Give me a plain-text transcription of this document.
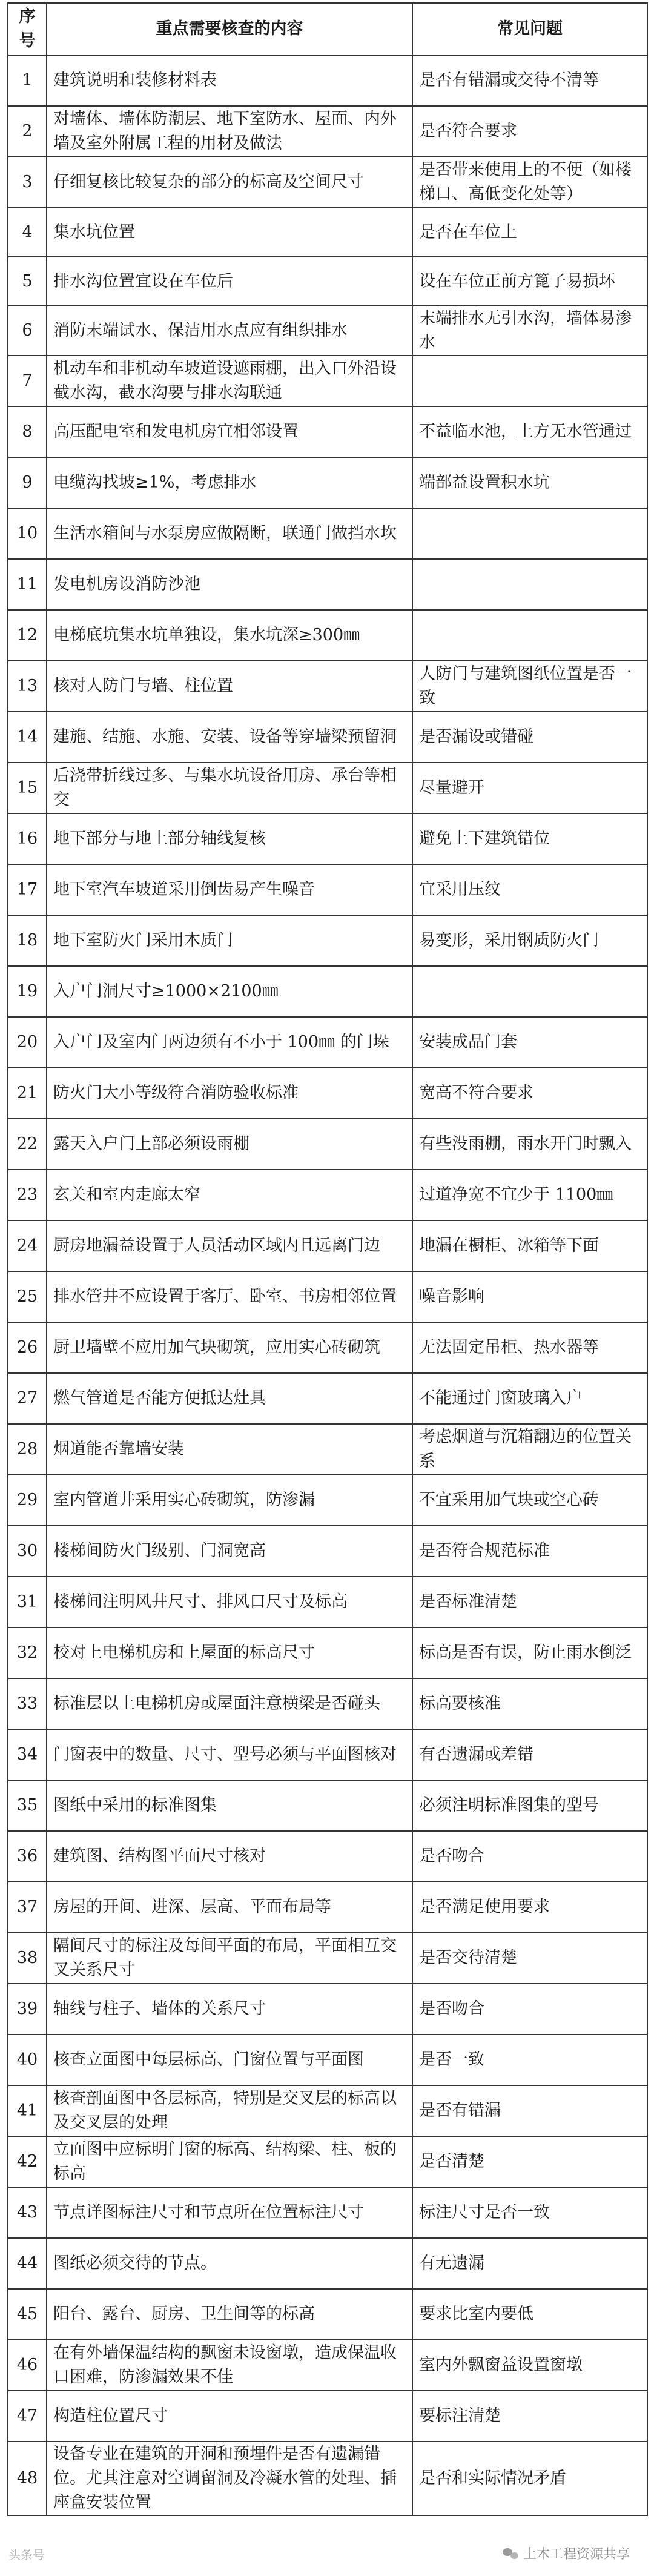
序号	重点需要核查的内容	常见问题
1	建筑说明和装修材料表	是否有错漏或交待不清等
2	对墙体、墙体防潮层、地下室防水、屋面、内外墙及室外附属工程的用材及做法	是否符合要求
3	仔细复核比较复杂的部分的标高及空间尺寸	是否带来使用上的不便（如楼梯口、高低变化处等）
4	集水坑位置	是否在车位上
5	排水沟位置宜设在车位后	设在车位正前方篦子易损坏
6	消防末端试水、保洁用水点应有组织排水	末端排水无引水沟，墙体易渗水
7	机动车和非机动车坡道设遮雨棚，出入口外沿设截水沟，截水沟要与排水沟联通	
8	高压配电室和发电机房宜相邻设置	不益临水池，上方无水管通过
9	电缆沟找坡≥1%，考虑排水	端部益设置积水坑
10	生活水箱间与水泵房应做隔断，联通门做挡水坎	
11	发电机房设消防沙池	
12	电梯底坑集水坑单独设，集水坑深≥300㎜	
13	核对人防门与墙、柱位置	人防门与建筑图纸位置是否一致
14	建施、结施、水施、安装、设备等穿墙梁预留洞	是否漏设或错碰
15	后浇带折线过多、与集水坑设备用房、承台等相交	尽量避开
16	地下部分与地上部分轴线复核	避免上下建筑错位
17	地下室汽车坡道采用倒齿易产生噪音	宜采用压纹
18	地下室防火门采用木质门	易变形，采用钢质防火门
19	入户门洞尺寸≥1000×2100㎜	
20	入户门及室内门两边须有不小于 100㎜ 的门垛	安装成品门套
21	防火门大小等级符合消防验收标准	宽高不符合要求
22	露天入户门上部必须设雨棚	有些没雨棚，雨水开门时飘入
23	玄关和室内走廊太窄	过道净宽不宜少于 1100㎜
24	厨房地漏益设置于人员活动区域内且远离门边	地漏在橱柜、冰箱等下面
25	排水管井不应设置于客厅、卧室、书房相邻位置	噪音影响
26	厨卫墙壁不应用加气块砌筑，应用实心砖砌筑	无法固定吊柜、热水器等
27	燃气管道是否能方便抵达灶具	不能通过门窗玻璃入户
28	烟道能否靠墙安装	考虑烟道与沉箱翻边的位置关系
29	室内管道井采用实心砖砌筑，防渗漏	不宜采用加气块或空心砖
30	楼梯间防火门级别、门洞宽高	是否符合规范标准
31	楼梯间注明风井尺寸、排风口尺寸及标高	是否标准清楚
32	校对上电梯机房和上屋面的标高尺寸	标高是否有误，防止雨水倒泛
33	标准层以上电梯机房或屋面注意横梁是否碰头	标高要核准
34	门窗表中的数量、尺寸、型号必须与平面图核对	有否遗漏或差错
35	图纸中采用的标准图集	必须注明标准图集的型号
36	建筑图、结构图平面尺寸核对	是否吻合
37	房屋的开间、进深、层高、平面布局等	是否满足使用要求
38	隔间尺寸的标注及每间平面的布局，平面相互交叉关系尺寸	是否交待清楚
39	轴线与柱子、墙体的关系尺寸	是否吻合
40	核查立面图中每层标高、门窗位置与平面图	是否一致
41	核查剖面图中各层标高，特别是交叉层的标高以及交叉层的处理	是否有错漏
42	立面图中应标明门窗的标高、结构梁、柱、板的标高	是否清楚
43	节点详图标注尺寸和节点所在位置标注尺寸	标注尺寸是否一致
44	图纸必须交待的节点。	有无遗漏
45	阳台、露台、厨房、卫生间等的标高	要求比室内要低
46	在有外墙保温结构的飘窗未设窗墩，造成保温收口困难，防渗漏效果不佳	室内外飘窗益设置窗墩
47	构造柱位置尺寸	要标注清楚
48	设备专业在建筑的开洞和预埋件是否有遗漏错位。尤其注意对空调留洞及冷凝水管的处理、插座盒安装位置	是否和实际情况矛盾
头条号	土木工程资源共享
